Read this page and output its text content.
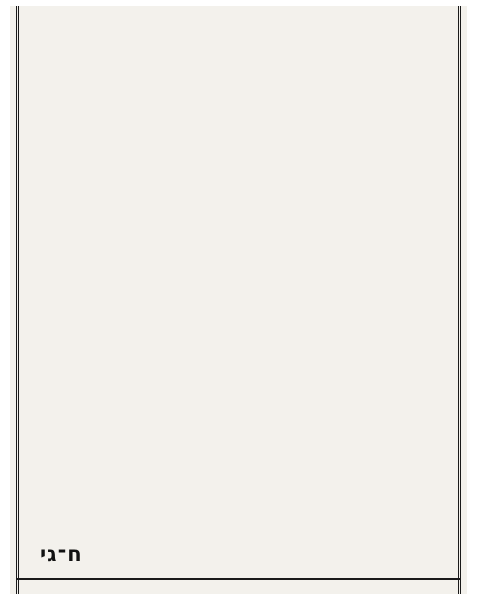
ח־גי
